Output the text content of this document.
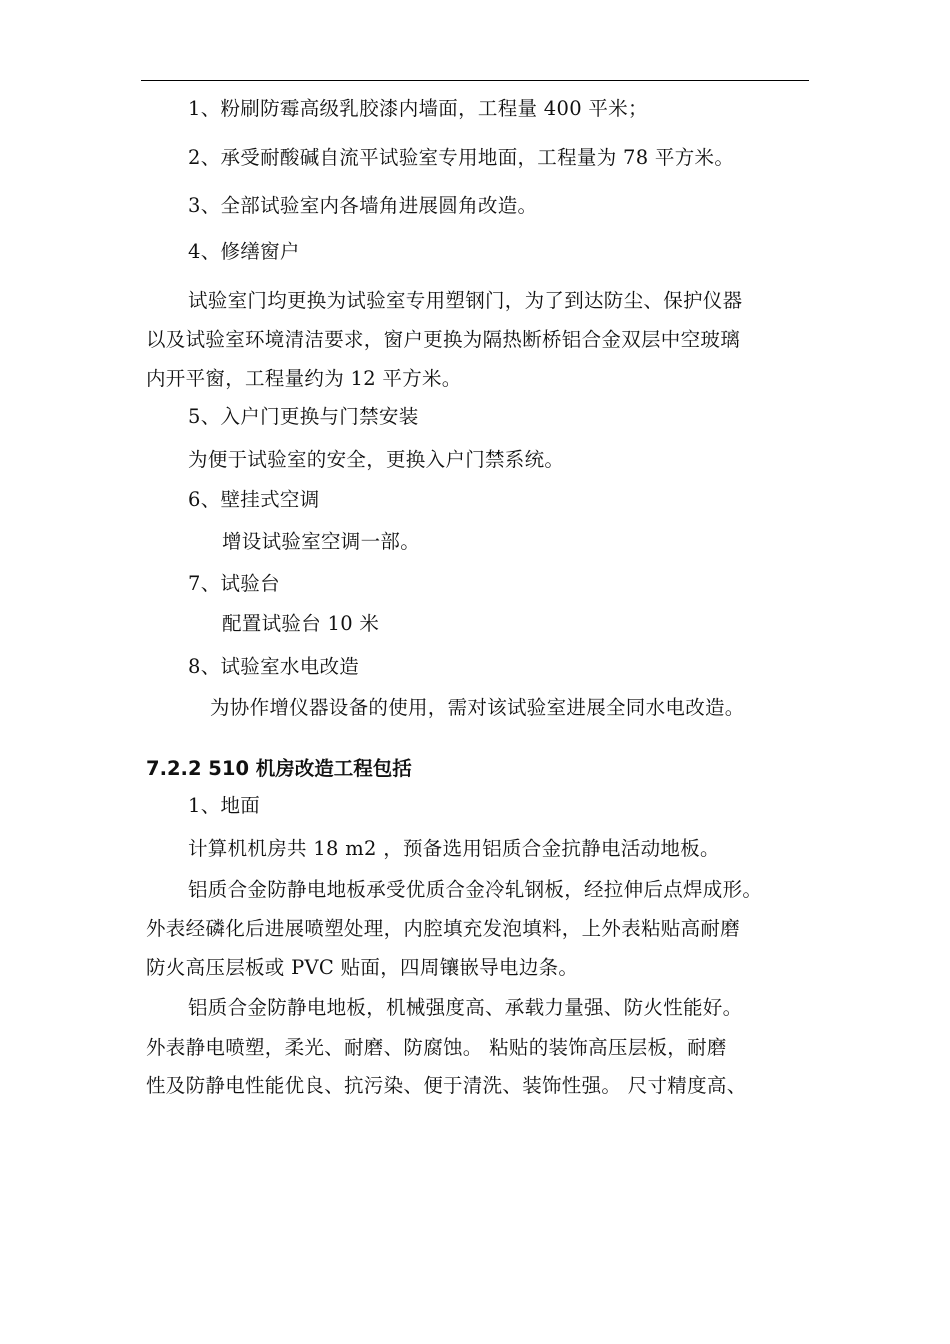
1、粉刷防霉高级乳胶漆内墙面，工程量 400 平米；
2、承受耐酸碱自流平试验室专用地面，工程量为 78 平方米。
3、全部试验室内各墙角进展圆角改造。
4、修缮窗户
试验室门均更换为试验室专用塑钢门，为了到达防尘、保护仪器
以及试验室环境清洁要求，窗户更换为隔热断桥铝合金双层中空玻璃
内开平窗，工程量约为 12 平方米。
5、入户门更换与门禁安装
为便于试验室的安全，更换入户门禁系统。
6、壁挂式空调
增设试验室空调一部。
7、试验台
配置试验台 10 米
8、试验室水电改造
为协作增仪器设备的使用，需对该试验室进展全同水电改造。
7.2.2 510 机房改造工程包括
1、地面
计算机机房共 18 m2 ，预备选用铝质合金抗静电活动地板。
铝质合金防静电地板承受优质合金冷轧钢板，经拉伸后点焊成形。
外表经磷化后进展喷塑处理，内腔填充发泡填料，上外表粘贴高耐磨
防火高压层板或 PVC 贴面，四周镶嵌导电边条。
铝质合金防静电地板，机械强度高、承载力量强、防火性能好。
外表静电喷塑，柔光、耐磨、防腐蚀。 粘贴的装饰高压层板，耐磨
性及防静电性能优良、抗污染、便于清洗、装饰性强。 尺寸精度高、
